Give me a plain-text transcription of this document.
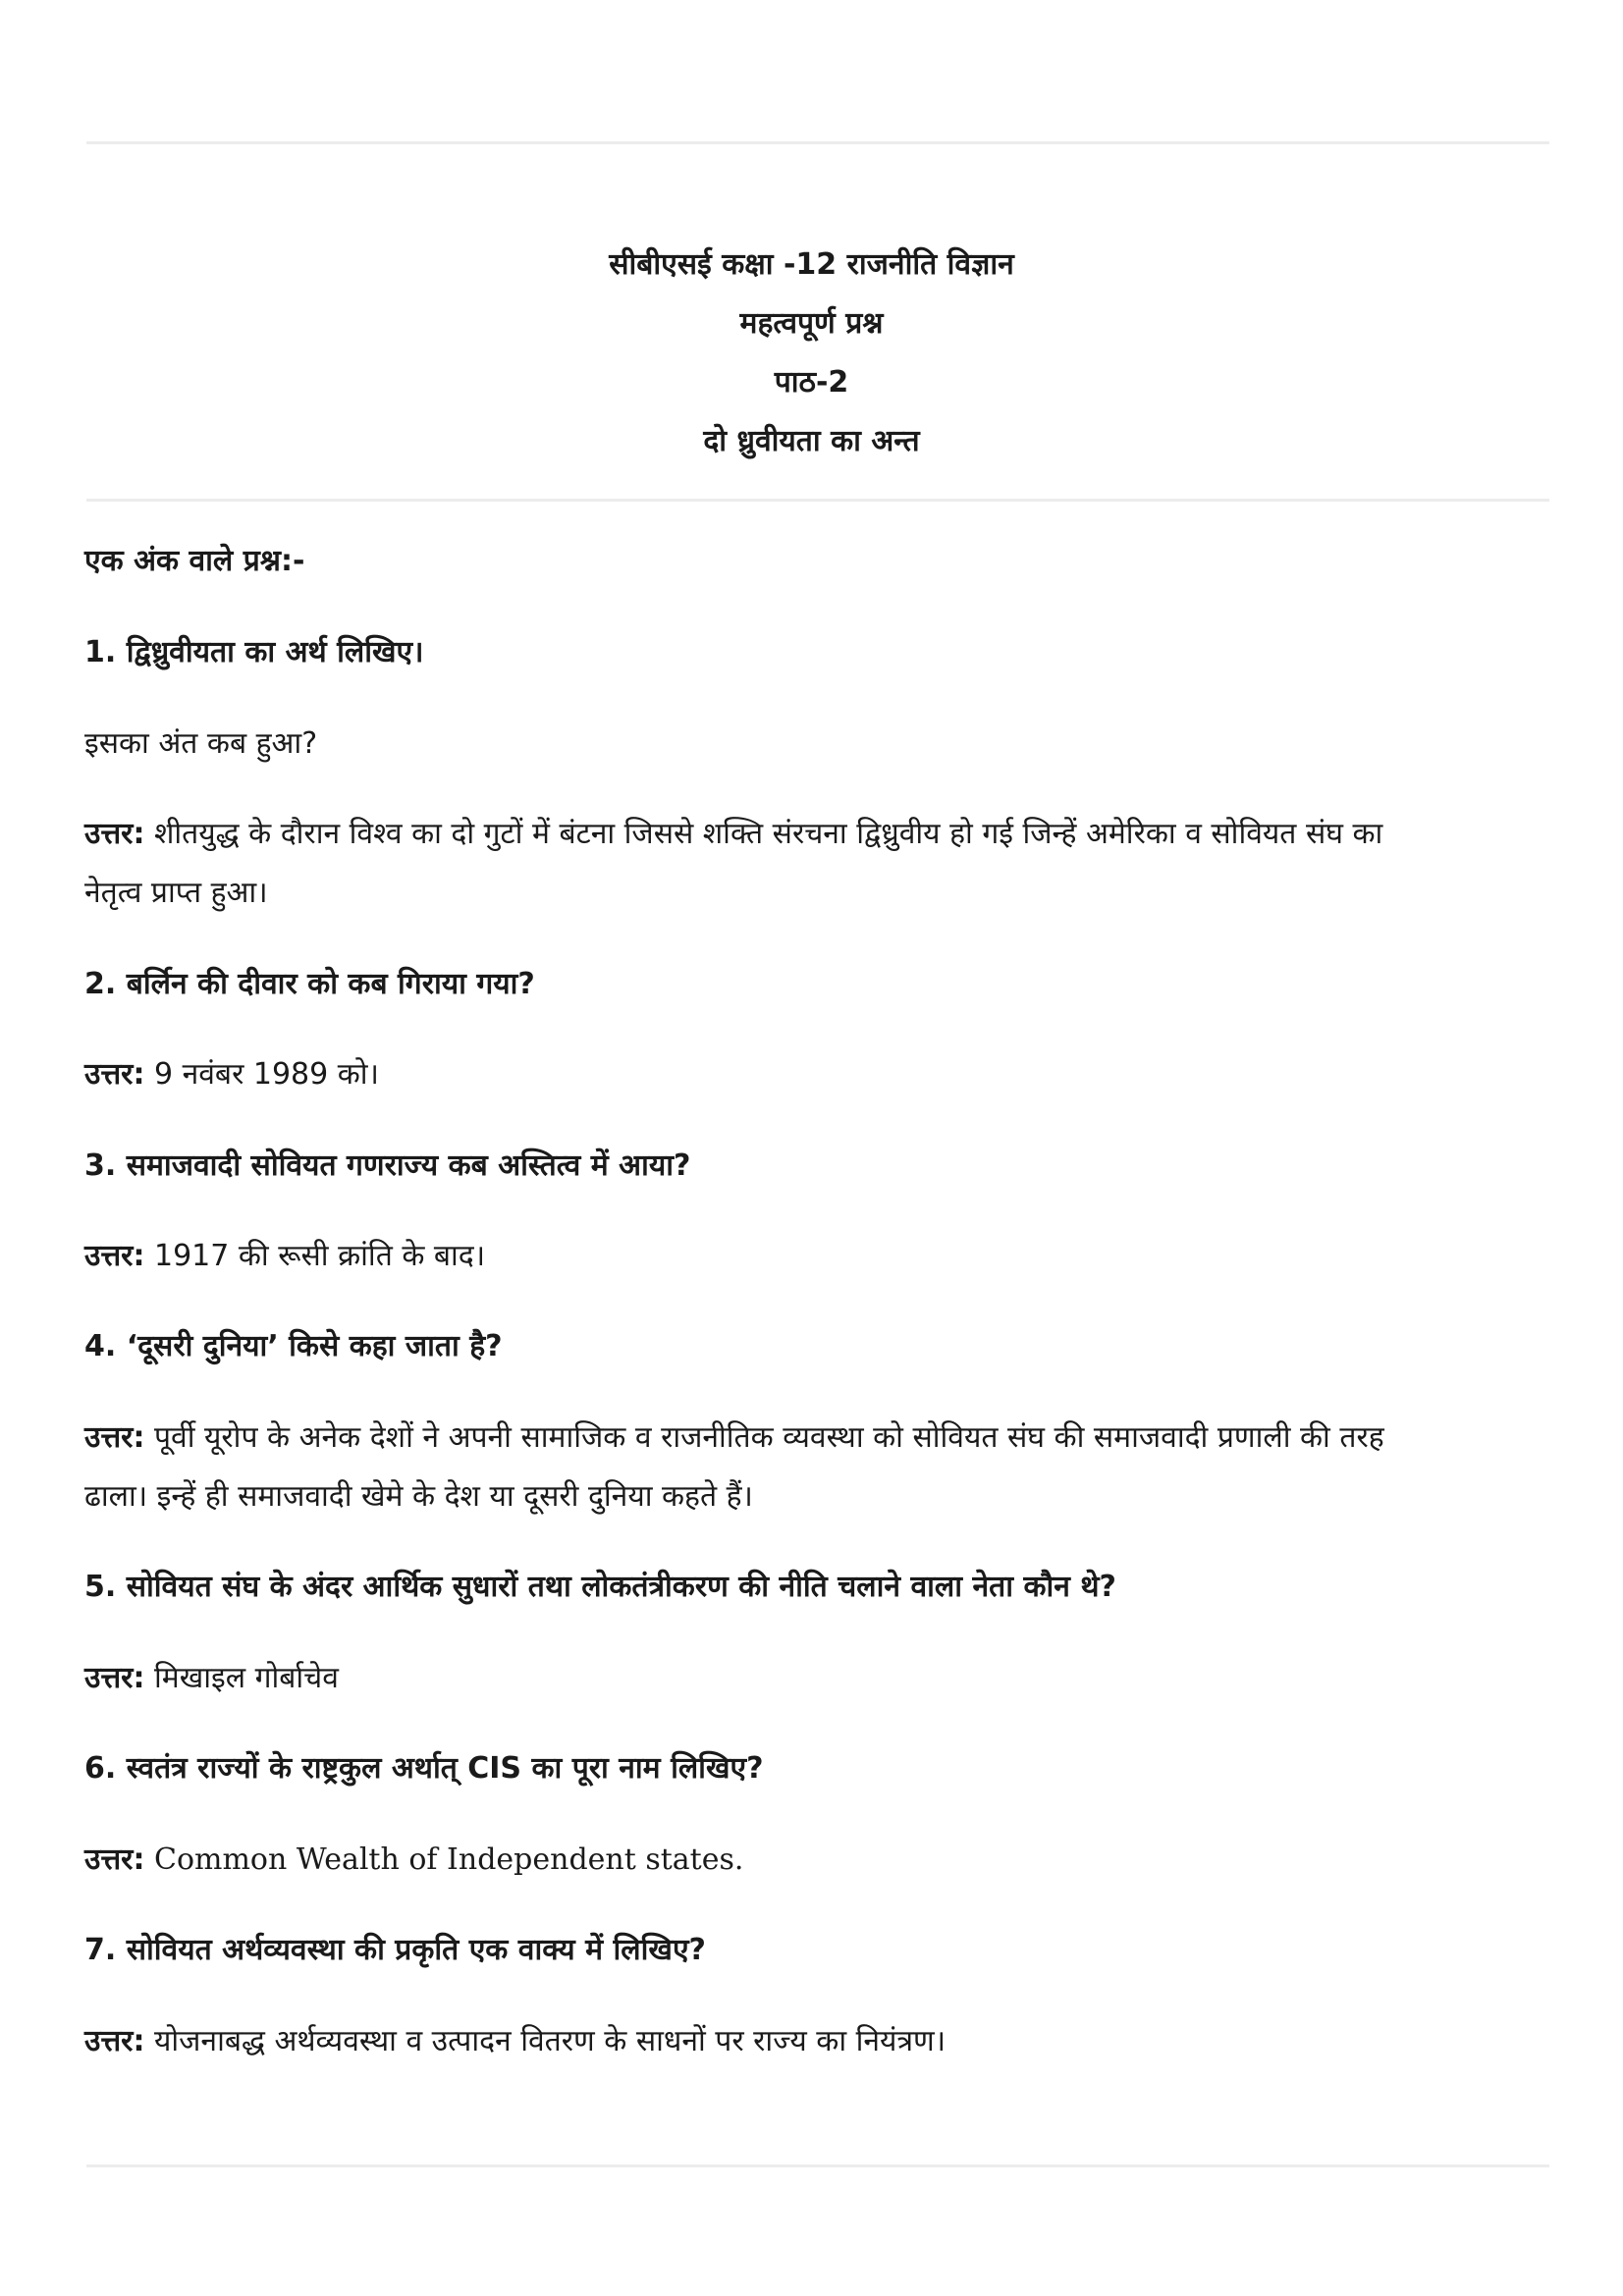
सीबीएसई कक्षा -12 राजनीति विज्ञान
महत्वपूर्ण प्रश्न
पाठ-2
दो ध्रुवीयता का अन्त
एक अंक वाले प्रश्न:-
1. द्विध्रुवीयता का अर्थ लिखिए।
इसका अंत कब हुआ?
उत्तर: शीतयुद्ध के दौरान विश्व का दो गुटों में बंटना जिससे शक्ति संरचना द्विध्रुवीय हो गई जिन्हें अमेरिका व सोवियत संघ का
नेतृत्व प्राप्त हुआ।
2. बर्लिन की दीवार को कब गिराया गया?
उत्तर: 9 नवंबर 1989 को।
3. समाजवादी सोवियत गणराज्य कब अस्तित्व में आया?
उत्तर: 1917 की रूसी क्रांति के बाद।
4. ‘दूसरी दुनिया’ किसे कहा जाता है?
उत्तर: पूर्वी यूरोप के अनेक देशों ने अपनी सामाजिक व राजनीतिक व्यवस्था को सोवियत संघ की समाजवादी प्रणाली की तरह
ढाला। इन्हें ही समाजवादी खेमे के देश या दूसरी दुनिया कहते हैं।
5. सोवियत संघ के अंदर आर्थिक सुधारों तथा लोकतंत्रीकरण की नीति चलाने वाला नेता कौन थे?
उत्तर: मिखाइल गोर्बाचेव
6. स्वतंत्र राज्यों के राष्ट्रकुल अर्थात् CIS का पूरा नाम लिखिए?
उत्तर: Common Wealth of Independent states.
7. सोवियत अर्थव्यवस्था की प्रकृति एक वाक्य में लिखिए?
उत्तर: योजनाबद्ध अर्थव्यवस्था व उत्पादन वितरण के साधनों पर राज्य का नियंत्रण।
